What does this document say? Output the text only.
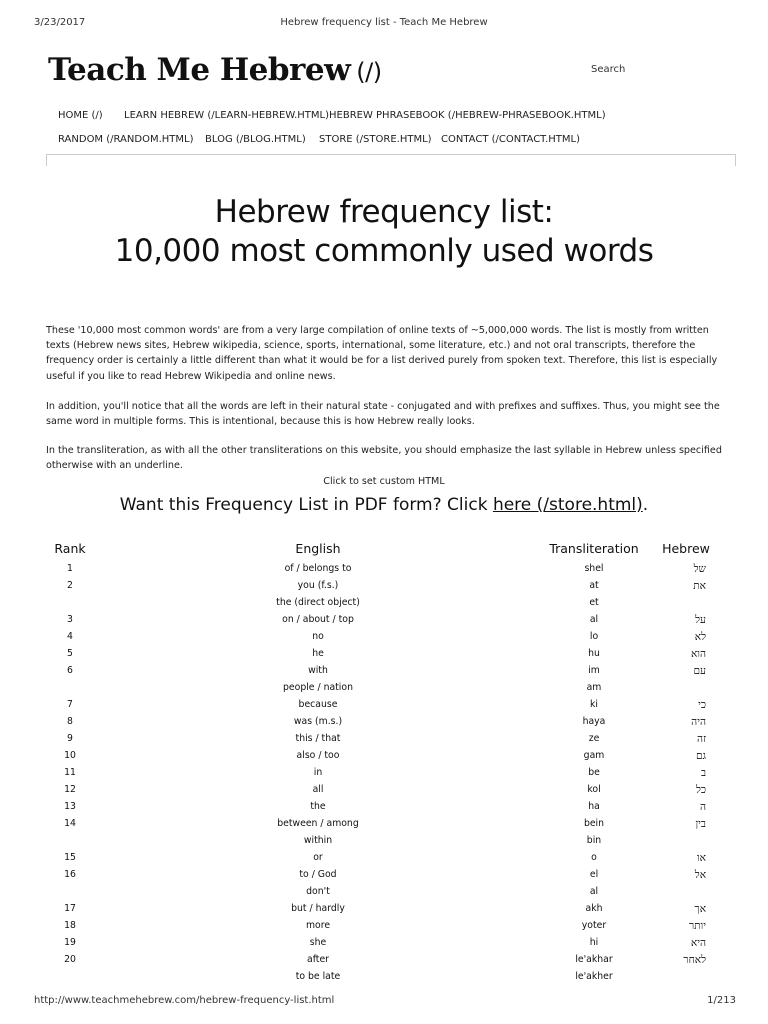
3/23/2017	Hebrew frequency list - Teach Me Hebrew
Teach Me Hebrew (/)	Search
HOME (/) LEARN HEBREW (/LEARN-HEBREW.HTML) HEBREW PHRASEBOOK (/HEBREW-PHRASEBOOK.HTML)
RANDOM (/RANDOM.HTML) BLOG (/BLOG.HTML) STORE (/STORE.HTML) CONTACT (/CONTACT.HTML)
Hebrew frequency list:
10,000 most commonly used words

These '10,000 most common words' are from a very large compilation of online texts of ~5,000,000 words. The list is mostly from written texts (Hebrew news sites, Hebrew wikipedia, science, sports, international, some literature, etc.) and not oral transcripts, therefore the frequency order is certainly a little different than what it would be for a list derived purely from spoken text. Therefore, this list is especially useful if you like to read Hebrew Wikipedia and online news.

In addition, you'll notice that all the words are left in their natural state - conjugated and with prefixes and suffixes. Thus, you might see the same word in multiple forms. This is intentional, because this is how Hebrew really looks.

In the transliteration, as with all the other transliterations on this website, you should emphasize the last syllable in Hebrew unless specified otherwise with an underline.

Click to set custom HTML
Want this Frequency List in PDF form? Click here (/store.html).
Rank	English	Transliteration	Hebrew
1	of / belongs to	shel	של
2	you (f.s.)	at	את
	the (direct object)	et	
3	on / about / top	al	על
4	no	lo	לא
5	he	hu	הוא
6	with	im	עם
	people / nation	am	
7	because	ki	כי
8	was (m.s.)	haya	היה
9	this / that	ze	זה
10	also / too	gam	גם
11	in	be	ב
12	all	kol	כל
13	the	ha	ה
14	between / among	bein	בין
	within	bin	
15	or	o	או
16	to / God	el	אל
	don't	al	
17	but / hardly	akh	אך
18	more	yoter	יותר
19	she	hi	היא
20	after	le'akhar	לאחר
	to be late	le'akher	
http://www.teachmehebrew.com/hebrew-frequency-list.html	1/213
